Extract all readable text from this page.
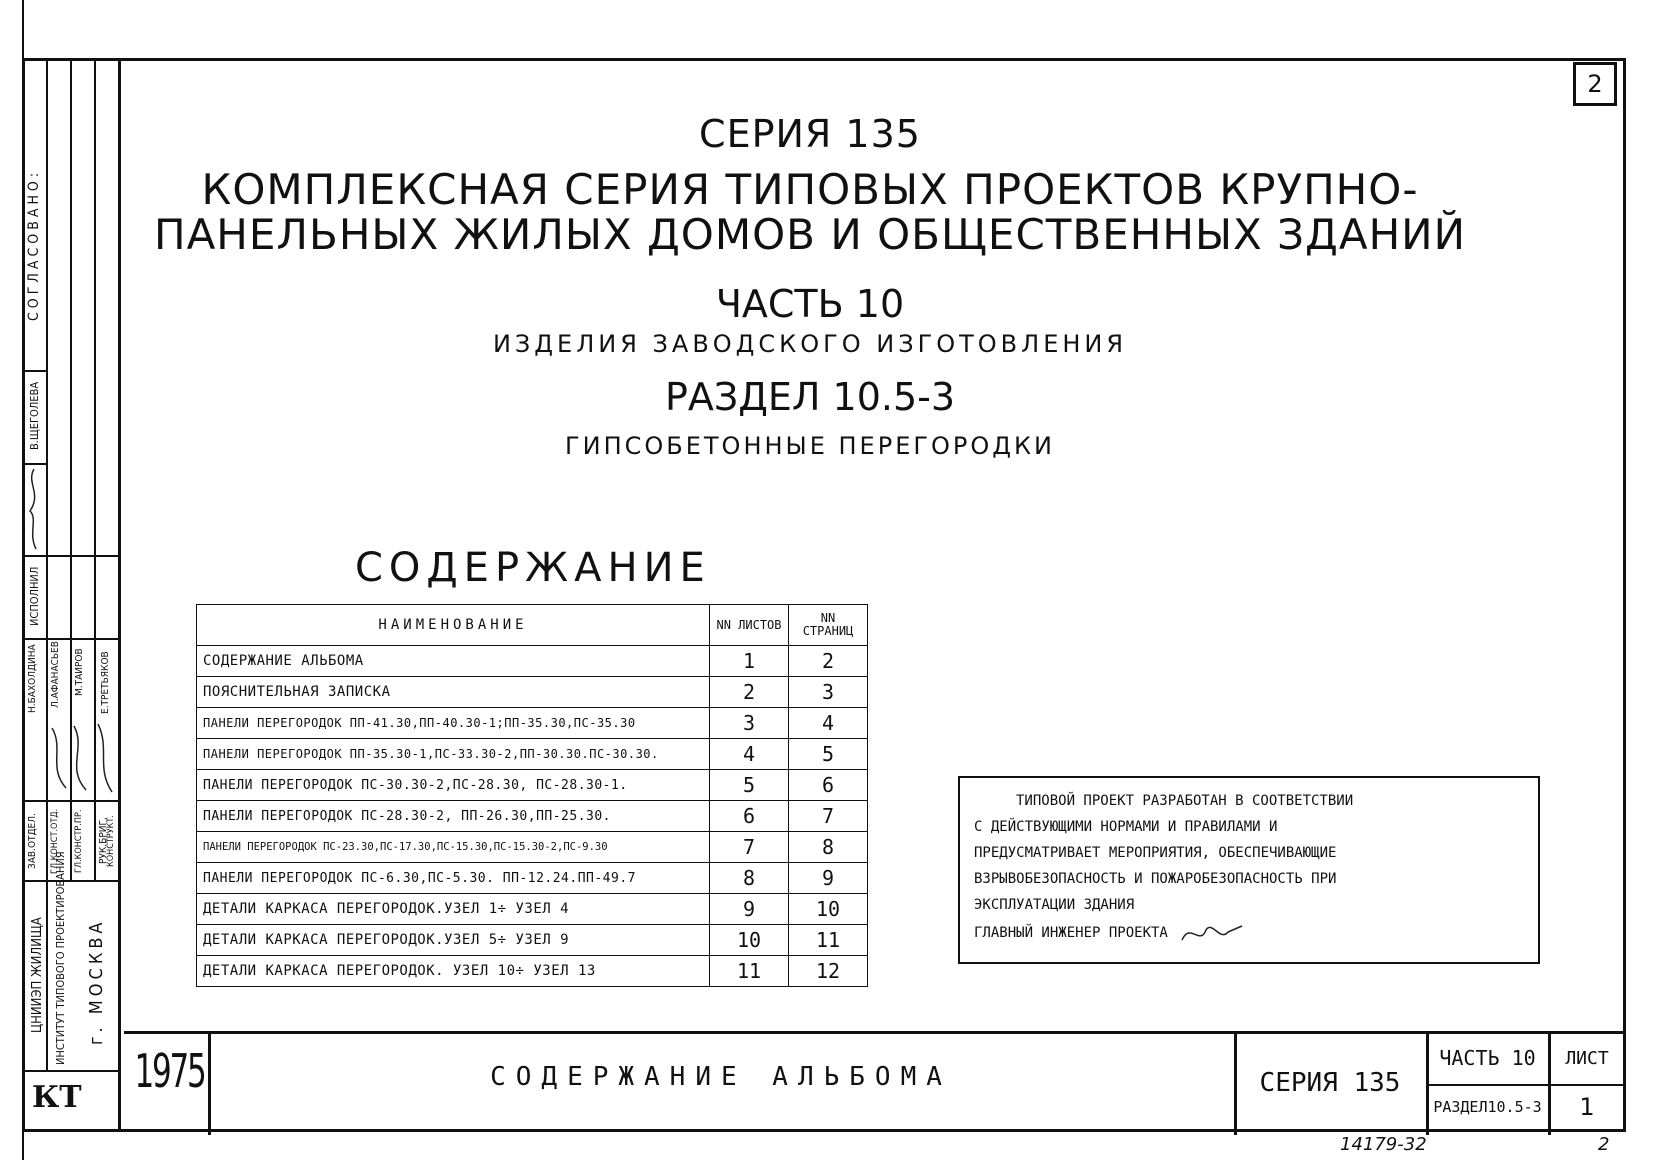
СОГЛАСОВАНО:
В.ЩЕГОЛЕВА
ИСПОЛНИЛ
ЗАВ.ОТДЕЛ. ГЛ.КОНСТ.ОТД. ГЛ.КОНСТР.ПР. РУК.БРИГ.
КОНСТРУКТ.
Н.БАХОЛДИНА Л.АФАНАСЬЕВ М.ТАИРОВ Е.ТРЕТЬЯКОВ
ЦНИИЭП ЖИЛИЩА ИНСТИТУТ ТИПОВОГО ПРОЕКТИРОВАНИЯ г. МОСКВА
КТ
2
СЕРИЯ 135
КОМПЛЕКСНАЯ СЕРИЯ ТИПОВЫХ ПРОЕКТОВ КРУПНО-
ПАНЕЛЬНЫХ ЖИЛЫХ ДОМОВ И ОБЩЕСТВЕННЫХ ЗДАНИЙ
ЧАСТЬ 10
ИЗДЕЛИЯ ЗАВОДСКОГО ИЗГОТОВЛЕНИЯ
РАЗДЕЛ 10.5-3
ГИПСОБЕТОННЫЕ ПЕРЕГОРОДКИ
СОДЕРЖАНИЕ
НАИМЕНОВАНИЕ	NN ЛИСТОВ	NN СТРАНИЦ
СОДЕРЖАНИЕ АЛЬБОМА	1	2
ПОЯСНИТЕЛЬНАЯ ЗАПИСКА	2	3
ПАНЕЛИ ПЕРЕГОРОДОК ПП-41.30,ПП-40.30-1;ПП-35.30,ПС-35.30	3	4
ПАНЕЛИ ПЕРЕГОРОДОК ПП-35.30-1,ПС-33.30-2,ПП-30.30.ПС-30.30.	4	5
ПАНЕЛИ ПЕРЕГОРОДОК ПС-30.30-2,ПС-28.30, ПС-28.30-1.	5	6
ПАНЕЛИ ПЕРЕГОРОДОК ПС-28.30-2, ПП-26.30,ПП-25.30.	6	7
ПАНЕЛИ ПЕРЕГОРОДОК ПС-23.30,ПС-17.30,ПС-15.30,ПС-15.30-2,ПС-9.30	7	8
ПАНЕЛИ ПЕРЕГОРОДОК ПС-6.30,ПС-5.30. ПП-12.24.ПП-49.7	8	9
ДЕТАЛИ КАРКАСА ПЕРЕГОРОДОК.УЗЕЛ 1÷ УЗЕЛ 4	9	10
ДЕТАЛИ КАРКАСА ПЕРЕГОРОДОК.УЗЕЛ 5÷ УЗЕЛ 9	10	11
ДЕТАЛИ КАРКАСА ПЕРЕГОРОДОК. УЗЕЛ 10÷ УЗЕЛ 13	11	12

ТИПОВОЙ ПРОЕКТ РАЗРАБОТАН В СООТВЕТСТВИИ

С ДЕЙСТВУЮЩИМИ НОРМАМИ И ПРАВИЛАМИ И

ПРЕДУСМАТРИВАЕТ МЕРОПРИЯТИЯ, ОБЕСПЕЧИВАЮЩИЕ

ВЗРЫВОБЕЗОПАСНОСТЬ И ПОЖАРОБЕЗОПАСНОСТЬ ПРИ

ЭКСПЛУАТАЦИИ ЗДАНИЯ

ГЛАВНЫЙ ИНЖЕНЕР ПРОЕКТА

1975	СОДЕРЖАНИЕ АЛЬБОМА	СЕРИЯ 135
ЧАСТЬ 10
РАЗДЕЛ10.5-3
ЛИСТ
1
14179-32	2
